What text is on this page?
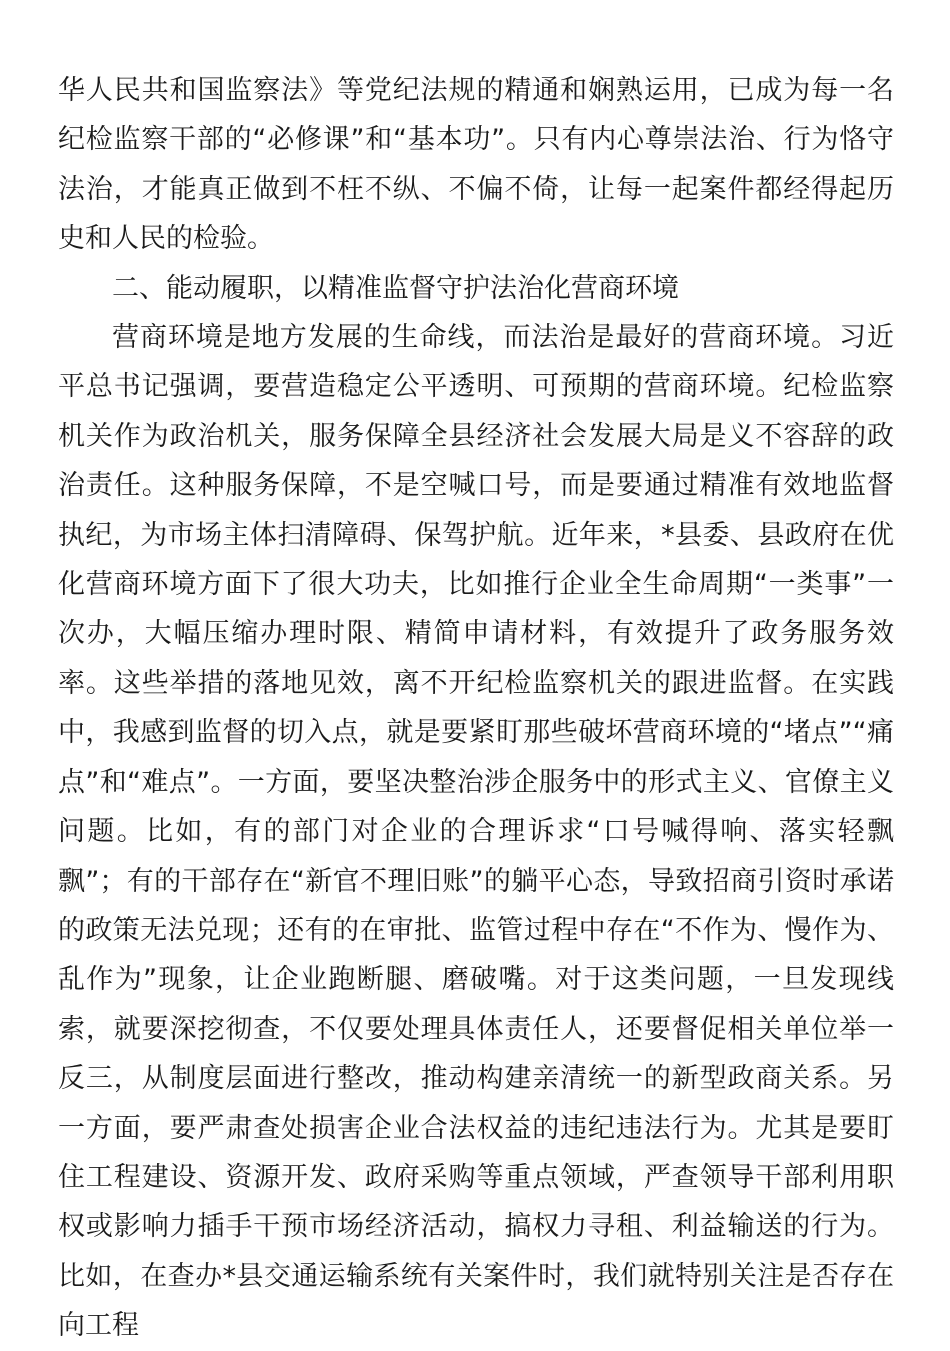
华人民共和国监察法》等党纪法规的精通和娴熟运用，已成为每一名纪检监察干部的“必修课”和“基本功”。只有内心尊崇法治、行为恪守法治，才能真正做到不枉不纵、不偏不倚，让每一起案件都经得起历史和人民的检验。

二、能动履职，以精准监督守护法治化营商环境

营商环境是地方发展的生命线，而法治是最好的营商环境。习近平总书记强调，要营造稳定公平透明、可预期的营商环境。纪检监察机关作为政治机关，服务保障全县经济社会发展大局是义不容辞的政治责任。这种服务保障，不是空喊口号，而是要通过精准有效地监督执纪，为市场主体扫清障碍、保驾护航。近年来，*县委、县政府在优化营商环境方面下了很大功夫，比如推行企业全生命周期“一类事”一次办，大幅压缩办理时限、精简申请材料，有效提升了政务服务效率。这些举措的落地见效，离不开纪检监察机关的跟进监督。在实践中，我感到监督的切入点，就是要紧盯那些破坏营商环境的“堵点”“痛点”和“难点”。一方面，要坚决整治涉企服务中的形式主义、官僚主义问题。比如，有的部门对企业的合理诉求“口号喊得响、落实轻飘飘”；有的干部存在“新官不理旧账”的躺平心态，导致招商引资时承诺的政策无法兑现；还有的在审批、监管过程中存在“不作为、慢作为、乱作为”现象，让企业跑断腿、磨破嘴。对于这类问题，一旦发现线索，就要深挖彻查，不仅要处理具体责任人，还要督促相关单位举一反三，从制度层面进行整改，推动构建亲清统一的新型政商关系。另一方面，要严肃查处损害企业合法权益的违纪违法行为。尤其是要盯住工程建设、资源开发、政府采购等重点领域，严查领导干部利用职权或影响力插手干预市场经济活动，搞权力寻租、利益输送的行为。比如，在查办*县交通运输系统有关案件时，我们就特别关注是否存在向工程
